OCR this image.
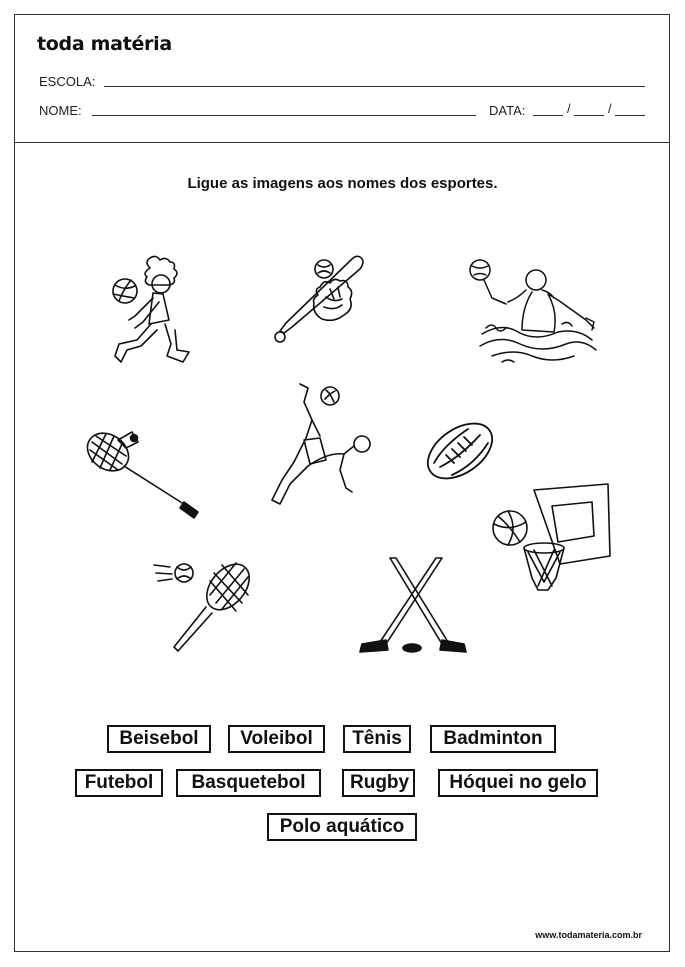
toda matéria
ESCOLA:
NOME:	DATA:	/	/
Ligue as imagens aos nomes dos esportes.
Beisebol	Voleibol	Tênis	Badminton
Futebol	Basquetebol	Rugby	Hóquei no gelo
Polo aquático
www.todamateria.com.br
